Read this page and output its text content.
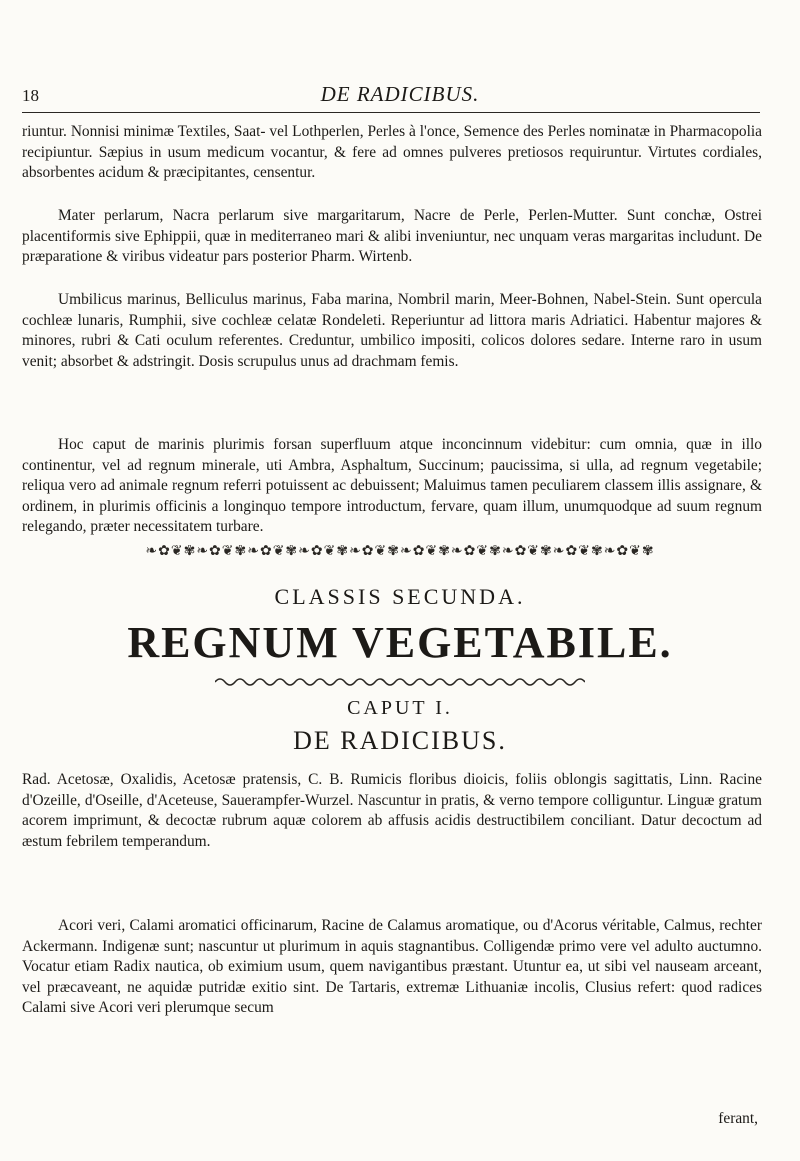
18	DE RADICIBUS.

riuntur. Nonnisi minimæ Textiles, Saat- vel Lothperlen, Perles à l'once, Semence des Perles nominatæ in Pharmacopolia recipiuntur. Sæpius in usum medicum vocantur, & fere ad omnes pulveres pretiosos requiruntur. Virtutes cordiales, absorbentes acidum & præcipitantes, censentur.

Mater perlarum, Nacra perlarum sive margaritarum, Nacre de Perle, Perlen-Mutter. Sunt conchæ, Ostrei placentiformis sive Ephippii, quæ in mediterraneo mari & alibi inveniuntur, nec unquam veras margaritas includunt. De præparatione & viribus videatur pars posterior Pharm. Wirtenb.

Umbilicus marinus, Belliculus marinus, Faba marina, Nombril marin, Meer-Bohnen, Nabel-Stein. Sunt opercula cochleæ lunaris, Rumphii, sive cochleæ celatæ Rondeleti. Reperiuntur ad littora maris Adriatici. Habentur majores & minores, rubri & Cati oculum referentes. Creduntur, umbilico impositi, colicos dolores sedare. Interne raro in usum venit; absorbet & adstringit. Dosis scrupulus unus ad drachmam femis.

Hoc caput de marinis plurimis forsan superfluum atque inconcinnum videbitur: cum omnia, quæ in illo continentur, vel ad regnum minerale, uti Ambra, Asphaltum, Succinum; paucissima, si ulla, ad regnum vegetabile; reliqua vero ad animale regnum referri potuissent ac debuissent; Maluimus tamen peculiarem classem illis assignare, & ordinem, in plurimis officinis a longinquo tempore introductum, fervare, quam illum, unumquodque ad suum regnum relegando, præter necessitatem turbare.

❧✿❦✾❧✿❦✾❧✿❦✾❧✿❦✾❧✿❦✾❧✿❦✾❧✿❦✾❧✿❦✾❧✿❦✾❧✿❦✾
CLASSIS SECUNDA.
REGNUM VEGETABILE.
CAPUT I.
DE RADICIBUS.

Rad. Acetosæ, Oxalidis, Acetosæ pratensis, C. B. Rumicis floribus dioicis, foliis oblongis sagittatis, Linn. Racine d'Ozeille, d'Oseille, d'Aceteuse, Sauerampfer-Wurzel. Nascuntur in pratis, & verno tempore colliguntur. Linguæ gratum acorem imprimunt, & decoctæ rubrum aquæ colorem ab affusis acidis destructibilem conciliant. Datur decoctum ad æstum febrilem temperandum.

Acori veri, Calami aromatici officinarum, Racine de Calamus aromatique, ou d'Acorus véritable, Calmus, rechter Ackermann. Indigenæ sunt; nascuntur ut plurimum in aquis stagnantibus. Colligendæ primo vere vel adulto auctumno. Vocatur etiam Radix nautica, ob eximium usum, quem navigantibus præstant. Utuntur ea, ut sibi vel nauseam arceant, vel præcaveant, ne aquidæ putridæ exitio sint. De Tartaris, extremæ Lithuaniæ incolis, Clusius refert: quod radices Calami sive Acori veri plerumque secum

ferant,
